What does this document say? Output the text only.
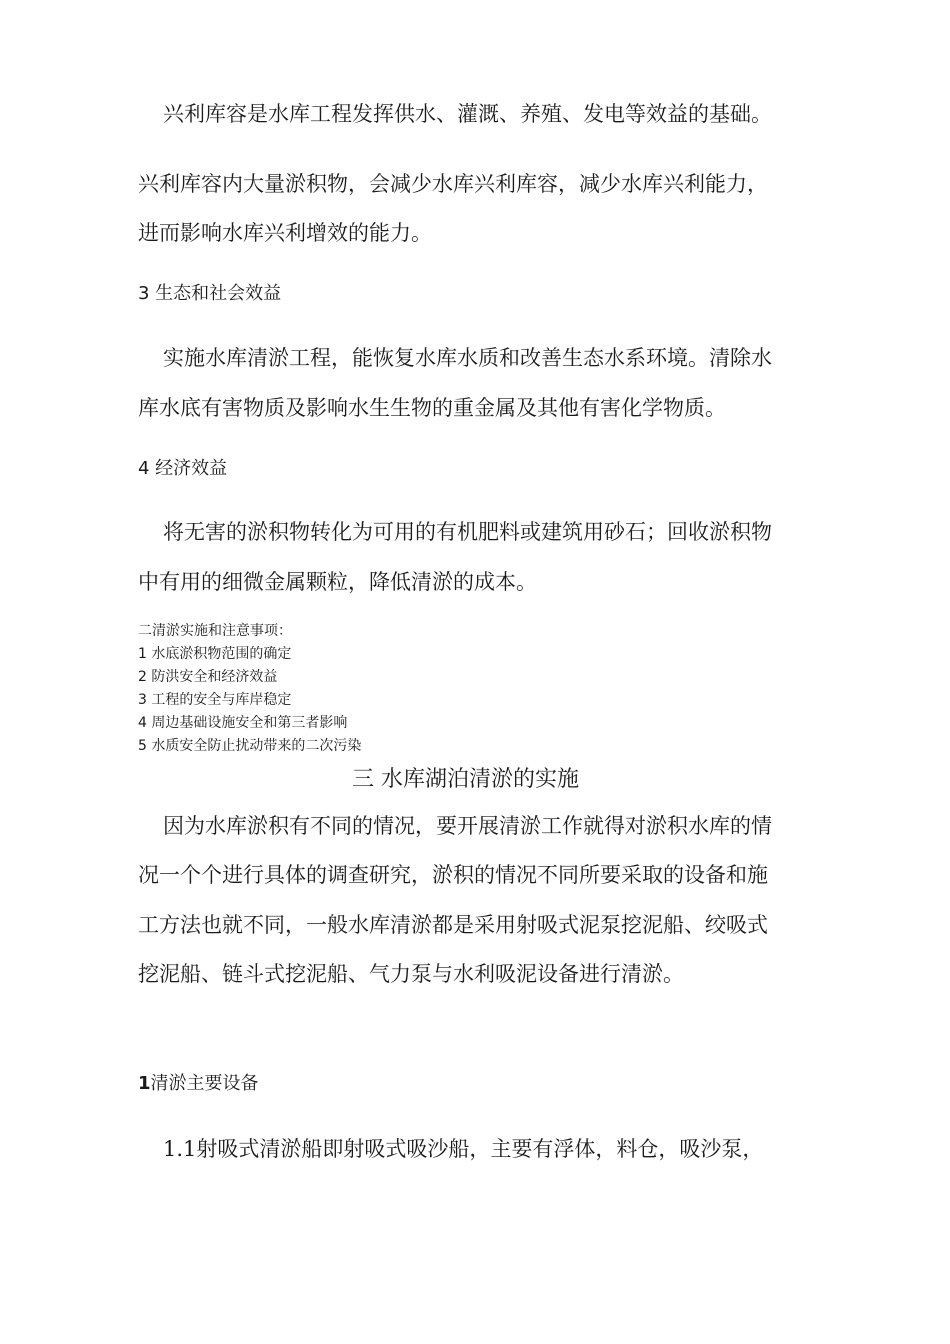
兴利库容是水库工程发挥供水、灌溉、养殖、发电等效益的基础。
兴利库容内大量淤积物，会减少水库兴利库容，减少水库兴利能力，
进而影响水库兴利增效的能力。
3 生态和社会效益
实施水库清淤工程，能恢复水库水质和改善生态水系环境。清除水
库水底有害物质及影响水生生物的重金属及其他有害化学物质。
4 经济效益
将无害的淤积物转化为可用的有机肥料或建筑用砂石；回收淤积物
中有用的细微金属颗粒，降低清淤的成本。
二清淤实施和注意事项：
1 水底淤积物范围的确定
2 防洪安全和经济效益
3 工程的安全与库岸稳定
4 周边基础设施安全和第三者影响
5 水质安全防止扰动带来的二次污染
三 水库湖泊清淤的实施
因为水库淤积有不同的情况，要开展清淤工作就得对淤积水库的情
况一个个进行具体的调查研究，淤积的情况不同所要采取的设备和施
工方法也就不同，一般水库清淤都是采用射吸式泥泵挖泥船、绞吸式
挖泥船、链斗式挖泥船、气力泵与水利吸泥设备进行清淤。
1清淤主要设备
1.1射吸式清淤船即射吸式吸沙船，主要有浮体，料仓，吸沙泵，
